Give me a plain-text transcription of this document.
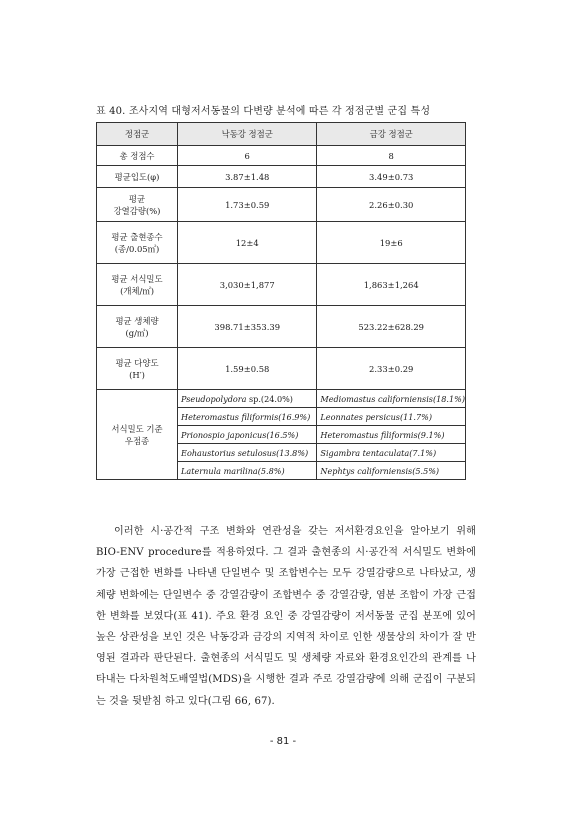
표 40. 조사지역 대형저서동물의 다변량 분석에 따른 각 정점군별 군집 특성
정점군	낙동강 정점군	금강 정점군

총 정점수	6	8

평균입도(φ)	3.87±1.48	3.49±0.73

평균
강열감량(%)	1.73±0.59	2.26±0.30

평균 출현종수
(종/0.05㎡)	12±4	19±6

평균 서식밀도
(개체/㎡)	3,030±1,877	1,863±1,264

평균 생체량
(g/㎡)	398.71±353.39	523.22±628.29

평균 다양도
(H′)	1.59±0.58	2.33±0.29

서식밀도 기준
우점종	Pseudopolydora sp.(24.0%)	Mediomastus californiensis(18.1%)
	Heteromastus filiformis(16.9%)	Leonnates persicus(11.7%)
	Prionospio japonicus(16.5%)	Heteromastus filiformis(9.1%)
	Eohaustorius setulosus(13.8%)	Sigambra tentaculata(7.1%)
	Laternula marilina(5.8%)	Nephtys californiensis(5.5%)

이러한 시·공간적 구조 변화와 연관성을 갖는 저서환경요인을 알아보기 위해 BIO-ENV procedure를 적용하였다. 그 결과 출현종의 시·공간적 서식밀도 변화에 가장 근접한 변화를 나타낸 단일변수 및 조합변수는 모두 강열감량으로 나타났고, 생체량 변화에는 단일변수 중 강열감량이 조합변수 중 강열감량, 염분 조합이 가장 근접한 변화를 보였다(표 41). 주요 환경 요인 중 강열감량이 저서동물 군집 분포에 있어 높은 상관성을 보인 것은 낙동강과 금강의 지역적 차이로 인한 생물상의 차이가 잘 반영된 결과라 판단된다. 출현종의 서식밀도 및 생체량 자료와 환경요인간의 관계를 나타내는 다차원척도배열법(MDS)을 시행한 결과 주로 강열감량에 의해 군집이 구분되는 것을 뒷받침 하고 있다(그림 66, 67).

- 81 -
